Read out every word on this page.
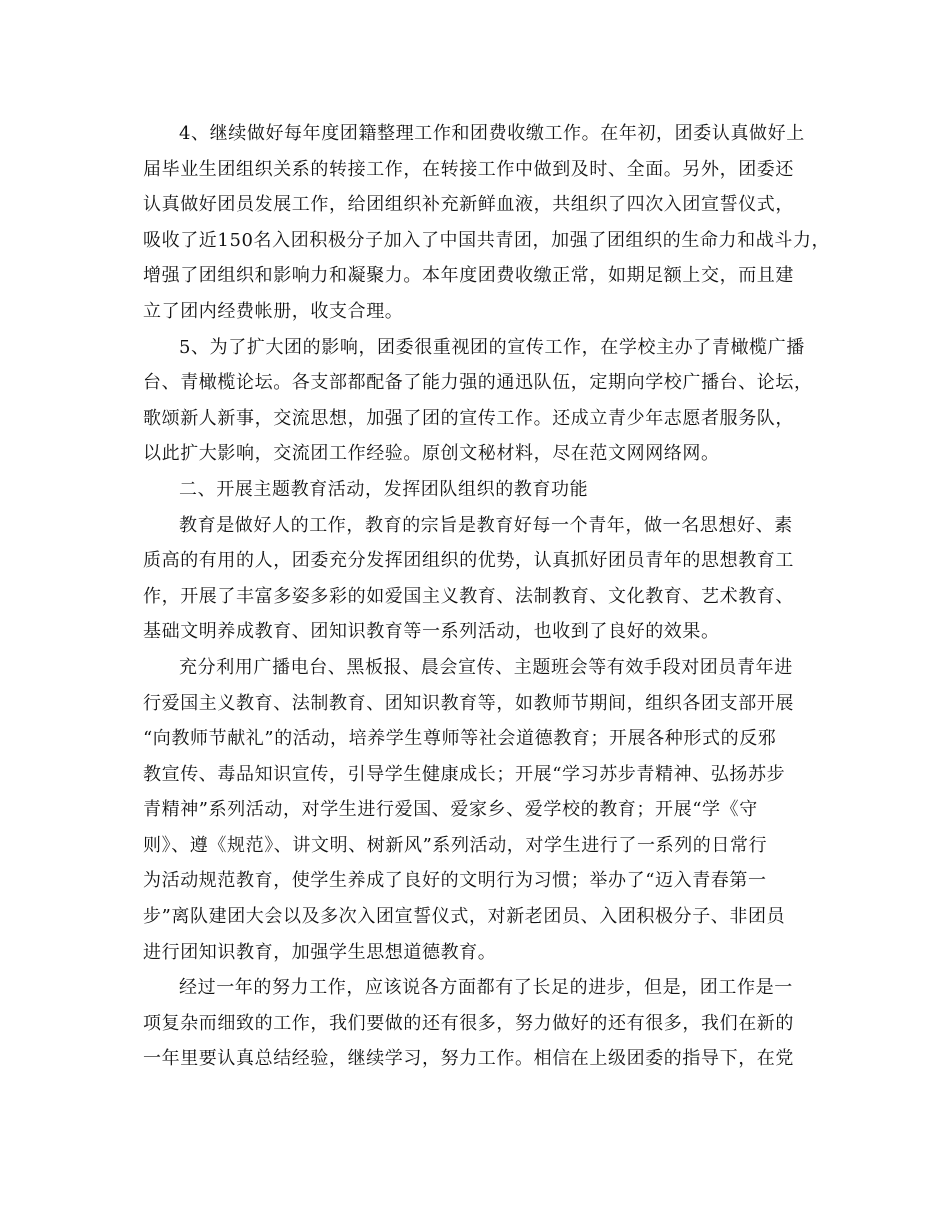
4、继续做好每年度团籍整理工作和团费收缴工作。在年初，团委认真做好上
届毕业生团组织关系的转接工作，在转接工作中做到及时、全面。另外，团委还
认真做好团员发展工作，给团组织补充新鲜血液，共组织了四次入团宣誓仪式，
吸收了近150名入团积极分子加入了中国共青团，加强了团组织的生命力和战斗力，
增强了团组织和影响力和凝聚力。本年度团费收缴正常，如期足额上交，而且建
立了团内经费帐册，收支合理。

5、为了扩大团的影响，团委很重视团的宣传工作，在学校主办了青橄榄广播
台、青橄榄论坛。各支部都配备了能力强的通迅队伍，定期向学校广播台、论坛，
歌颂新人新事，交流思想，加强了团的宣传工作。还成立青少年志愿者服务队，
以此扩大影响，交流团工作经验。原创文秘材料，尽在范文网网络网。

二、开展主题教育活动，发挥团队组织的教育功能

教育是做好人的工作，教育的宗旨是教育好每一个青年，做一名思想好、素
质高的有用的人，团委充分发挥团组织的优势，认真抓好团员青年的思想教育工
作，开展了丰富多姿多彩的如爱国主义教育、法制教育、文化教育、艺术教育、
基础文明养成教育、团知识教育等一系列活动，也收到了良好的效果。

充分利用广播电台、黑板报、晨会宣传、主题班会等有效手段对团员青年进
行爱国主义教育、法制教育、团知识教育等，如教师节期间，组织各团支部开展
“向教师节献礼”的活动，培养学生尊师等社会道德教育；开展各种形式的反邪
教宣传、毒品知识宣传，引导学生健康成长；开展“学习苏步青精神、弘扬苏步
青精神”系列活动，对学生进行爱国、爱家乡、爱学校的教育；开展“学《守
则》、遵《规范》、讲文明、树新风”系列活动，对学生进行了一系列的日常行
为活动规范教育，使学生养成了良好的文明行为习惯；举办了“迈入青春第一
步”离队建团大会以及多次入团宣誓仪式，对新老团员、入团积极分子、非团员
进行团知识教育，加强学生思想道德教育。

经过一年的努力工作，应该说各方面都有了长足的进步，但是，团工作是一
项复杂而细致的工作，我们要做的还有很多，努力做好的还有很多，我们在新的
一年里要认真总结经验，继续学习，努力工作。相信在上级团委的指导下，在党
